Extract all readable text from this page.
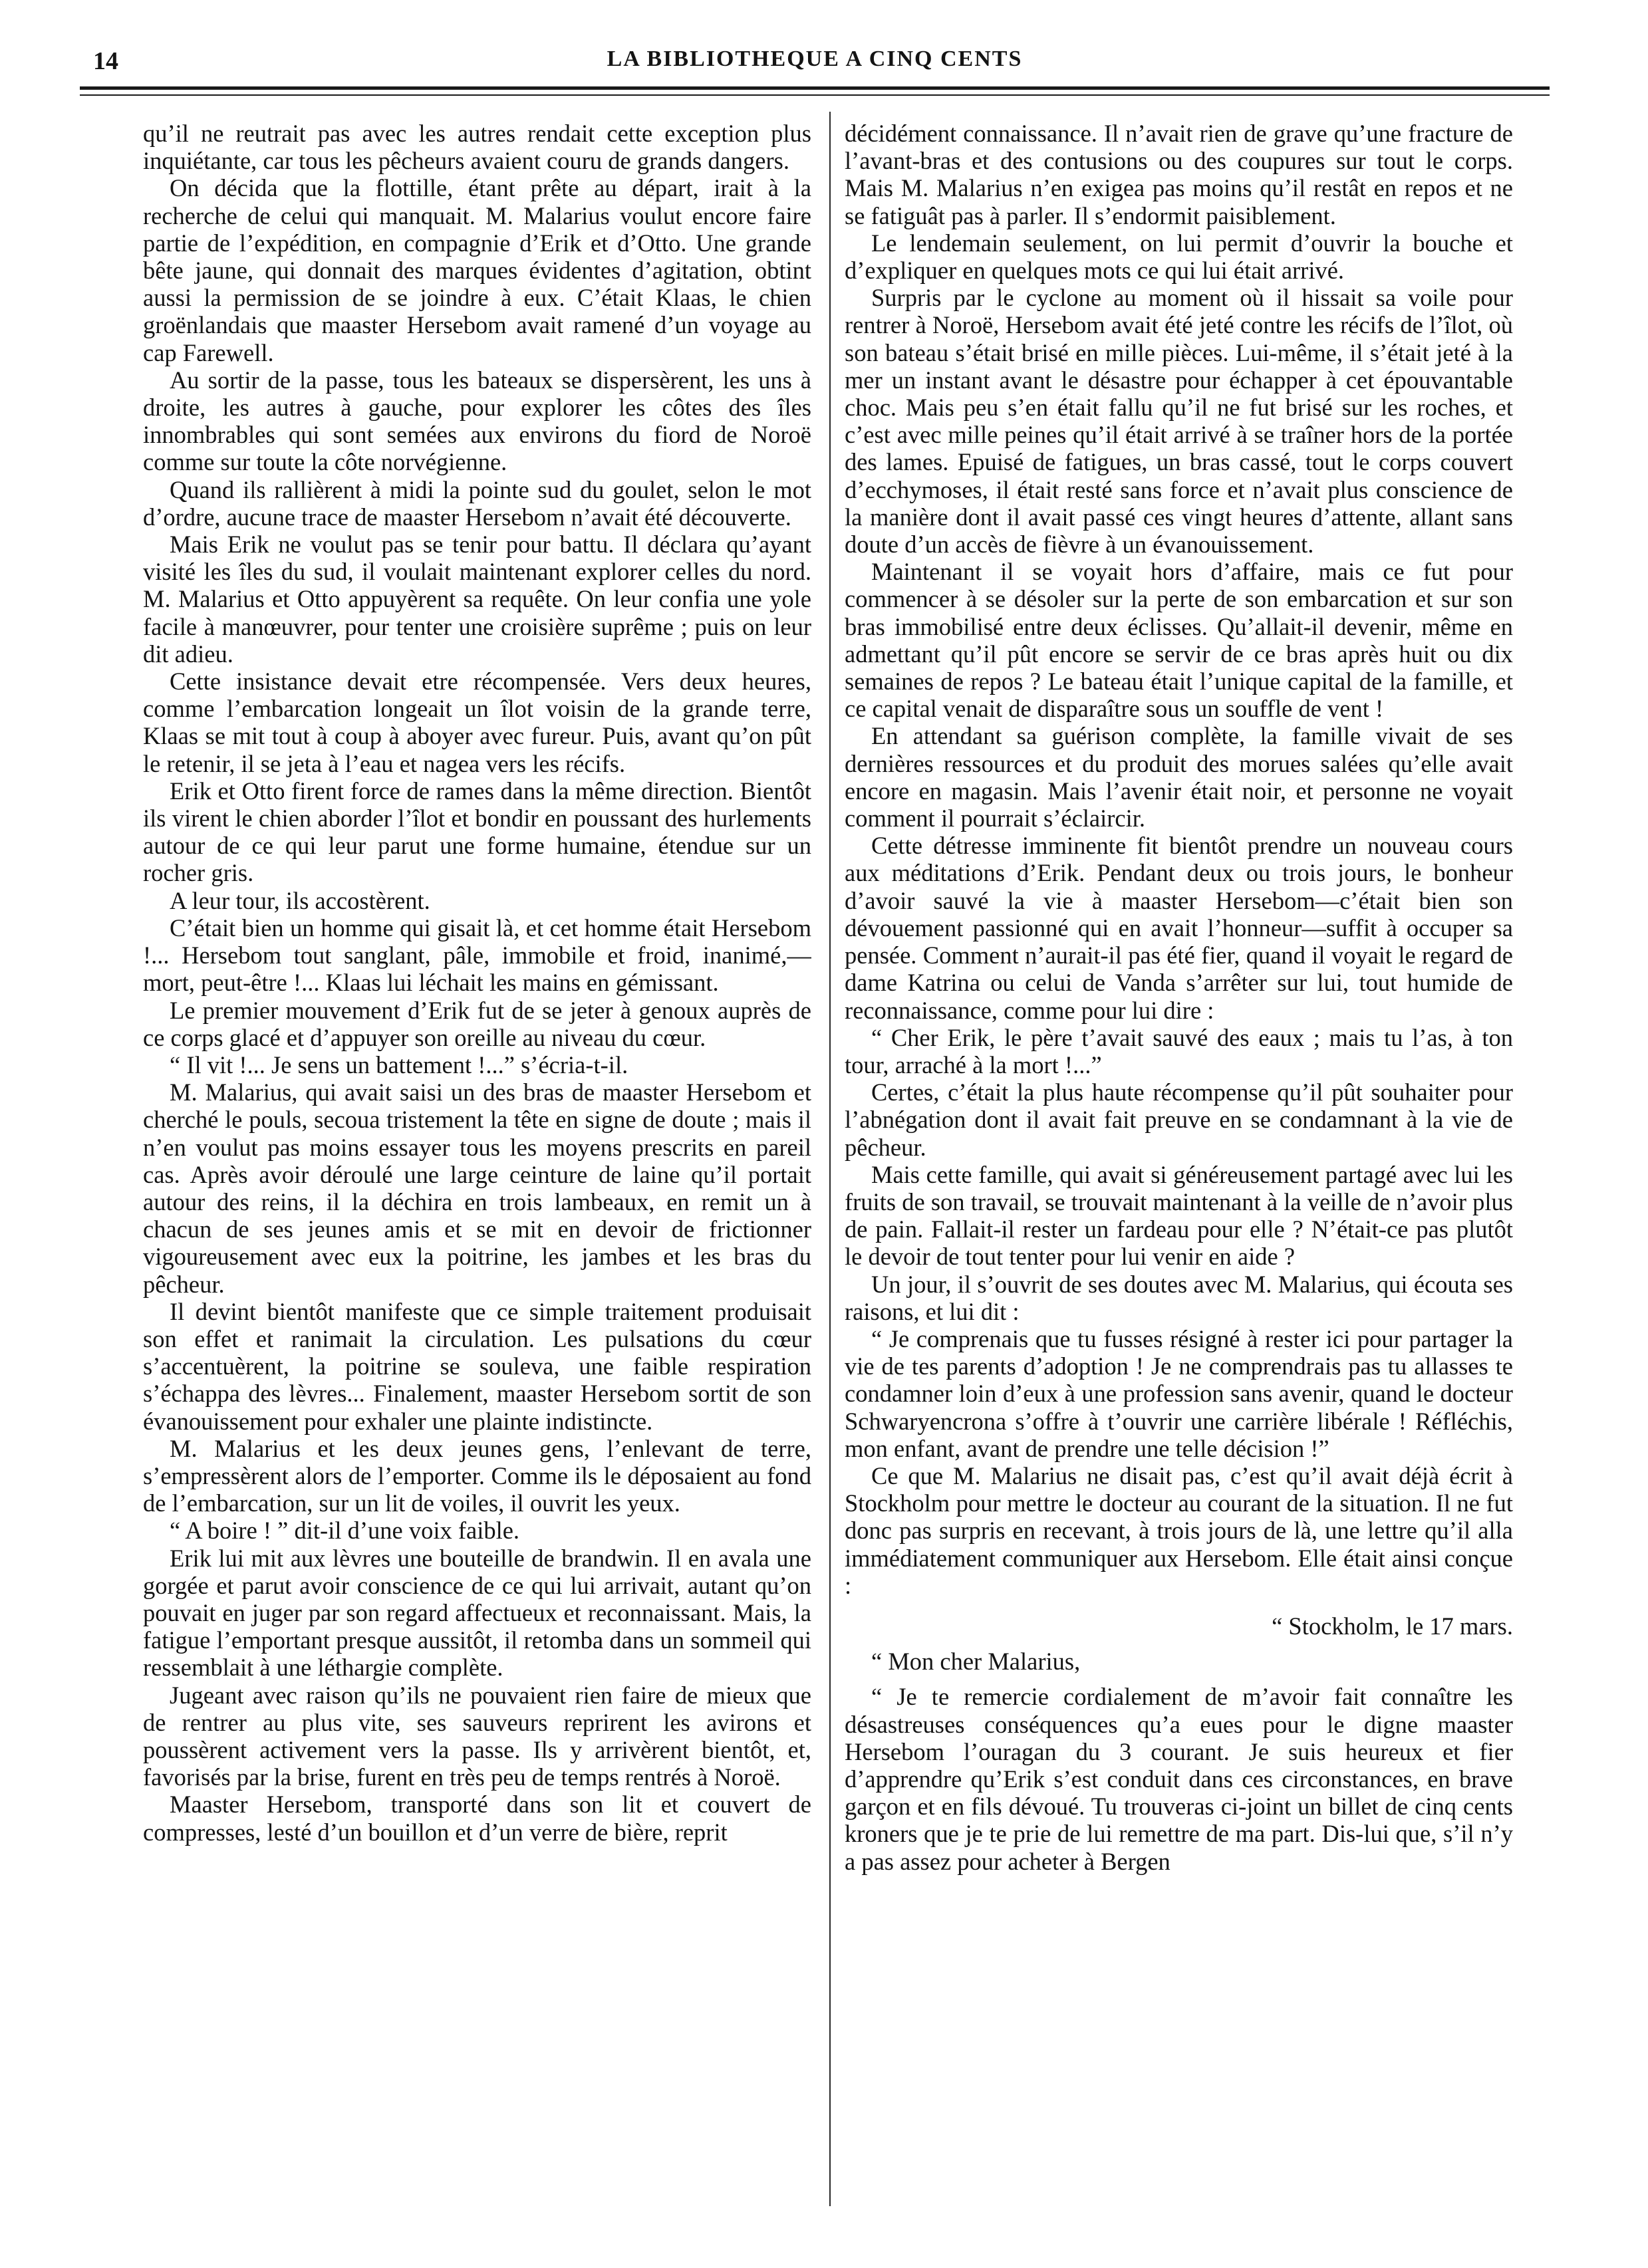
14	LA BIBLIOTHEQUE A CINQ CENTS

qu’il ne reutrait pas avec les autres rendait cette exception plus inquiétante, car tous les pêcheurs avaient couru de grands dangers.

On décida que la flottille, étant prête au départ, irait à la recherche de celui qui manquait. M. Malarius voulut encore faire partie de l’expédition, en compagnie d’Erik et d’Otto. Une grande bête jaune, qui donnait des marques évidentes d’agitation, obtint aussi la permission de se joindre à eux. C’était Klaas, le chien groënlandais que maaster Hersebom avait ramené d’un voyage au cap Farewell.

Au sortir de la passe, tous les bateaux se dispersèrent, les uns à droite, les autres à gauche, pour explorer les côtes des îles innombrables qui sont semées aux environs du fiord de Noroë comme sur toute la côte norvégienne.

Quand ils rallièrent à midi la pointe sud du goulet, selon le mot d’ordre, aucune trace de maaster Hersebom n’avait été découverte.

Mais Erik ne voulut pas se tenir pour battu. Il déclara qu’ayant visité les îles du sud, il voulait maintenant explorer celles du nord. M. Malarius et Otto appuyèrent sa requête. On leur confia une yole facile à manœuvrer, pour tenter une croisière suprême ; puis on leur dit adieu.

Cette insistance devait etre récompensée. Vers deux heures, comme l’embarcation longeait un îlot voisin de la grande terre, Klaas se mit tout à coup à aboyer avec fureur. Puis, avant qu’on pût le retenir, il se jeta à l’eau et nagea vers les récifs.

Erik et Otto firent force de rames dans la même direction. Bientôt ils virent le chien aborder l’îlot et bondir en poussant des hurlements autour de ce qui leur parut une forme humaine, étendue sur un rocher gris.

A leur tour, ils accostèrent.

C’était bien un homme qui gisait là, et cet homme était Hersebom !... Hersebom tout sanglant, pâle, immobile et froid, inanimé,—mort, peut-être !... Klaas lui léchait les mains en gémissant.

Le premier mouvement d’Erik fut de se jeter à genoux auprès de ce corps glacé et d’appuyer son oreille au niveau du cœur.

“ Il vit !... Je sens un battement !...” s’écria-t-il.

M. Malarius, qui avait saisi un des bras de maaster Hersebom et cherché le pouls, secoua tristement la tête en signe de doute ; mais il n’en voulut pas moins essayer tous les moyens prescrits en pareil cas. Après avoir déroulé une large ceinture de laine qu’il portait autour des reins, il la déchira en trois lambeaux, en remit un à chacun de ses jeunes amis et se mit en devoir de frictionner vigoureusement avec eux la poitrine, les jambes et les bras du pêcheur.

Il devint bientôt manifeste que ce simple traitement produisait son effet et ranimait la circulation. Les pulsations du cœur s’accentuèrent, la poitrine se souleva, une faible respiration s’échappa des lèvres... Finalement, maaster Hersebom sortit de son évanouissement pour exhaler une plainte indistincte.

M. Malarius et les deux jeunes gens, l’enlevant de terre, s’empressèrent alors de l’emporter. Comme ils le déposaient au fond de l’embarcation, sur un lit de voiles, il ouvrit les yeux.

“ A boire ! ” dit-il d’une voix faible.

Erik lui mit aux lèvres une bouteille de brandwin. Il en avala une gorgée et parut avoir conscience de ce qui lui arrivait, autant qu’on pouvait en juger par son regard affectueux et reconnaissant. Mais, la fatigue l’emportant presque aussitôt, il retomba dans un sommeil qui ressemblait à une léthargie complète.

Jugeant avec raison qu’ils ne pouvaient rien faire de mieux que de rentrer au plus vite, ses sauveurs reprirent les avirons et poussèrent activement vers la passe. Ils y arrivèrent bientôt, et, favorisés par la brise, furent en très peu de temps rentrés à Noroë.

Maaster Hersebom, transporté dans son lit et couvert de compresses, lesté d’un bouillon et d’un verre de bière, reprit

décidément connaissance. Il n’avait rien de grave qu’une fracture de l’avant-bras et des contusions ou des coupures sur tout le corps. Mais M. Malarius n’en exigea pas moins qu’il restât en repos et ne se fatiguât pas à parler. Il s’endormit paisiblement.

Le lendemain seulement, on lui permit d’ouvrir la bouche et d’expliquer en quelques mots ce qui lui était arrivé.

Surpris par le cyclone au moment où il hissait sa voile pour rentrer à Noroë, Hersebom avait été jeté contre les récifs de l’îlot, où son bateau s’était brisé en mille pièces. Lui-même, il s’était jeté à la mer un instant avant le désastre pour échapper à cet épouvantable choc. Mais peu s’en était fallu qu’il ne fut brisé sur les roches, et c’est avec mille peines qu’il était arrivé à se traîner hors de la portée des lames. Epuisé de fatigues, un bras cassé, tout le corps couvert d’ecchymoses, il était resté sans force et n’avait plus conscience de la manière dont il avait passé ces vingt heures d’attente, allant sans doute d’un accès de fièvre à un évanouissement.

Maintenant il se voyait hors d’affaire, mais ce fut pour commencer à se désoler sur la perte de son embarcation et sur son bras immobilisé entre deux éclisses. Qu’allait-il devenir, même en admettant qu’il pût encore se servir de ce bras après huit ou dix semaines de repos ? Le bateau était l’unique capital de la famille, et ce capital venait de disparaître sous un souffle de vent !

En attendant sa guérison complète, la famille vivait de ses dernières ressources et du produit des morues salées qu’elle avait encore en magasin. Mais l’avenir était noir, et personne ne voyait comment il pourrait s’éclaircir.

Cette détresse imminente fit bientôt prendre un nouveau cours aux méditations d’Erik. Pendant deux ou trois jours, le bonheur d’avoir sauvé la vie à maaster Hersebom—c’était bien son dévouement passionné qui en avait l’honneur—suffit à occuper sa pensée. Comment n’aurait-il pas été fier, quand il voyait le regard de dame Katrina ou celui de Vanda s’arrêter sur lui, tout humide de reconnaissance, comme pour lui dire :

“ Cher Erik, le père t’avait sauvé des eaux ; mais tu l’as, à ton tour, arraché à la mort !...”

Certes, c’était la plus haute récompense qu’il pût souhaiter pour l’abnégation dont il avait fait preuve en se condamnant à la vie de pêcheur.

Mais cette famille, qui avait si généreusement partagé avec lui les fruits de son travail, se trouvait maintenant à la veille de n’avoir plus de pain. Fallait-il rester un fardeau pour elle ? N’était-ce pas plutôt le devoir de tout tenter pour lui venir en aide ?

Un jour, il s’ouvrit de ses doutes avec M. Malarius, qui écouta ses raisons, et lui dit :

“ Je comprenais que tu fusses résigné à rester ici pour partager la vie de tes parents d’adoption ! Je ne comprendrais pas tu allasses te condamner loin d’eux à une profession sans avenir, quand le docteur Schwaryencrona s’offre à t’ouvrir une carrière libérale ! Réfléchis, mon enfant, avant de prendre une telle décision !”

Ce que M. Malarius ne disait pas, c’est qu’il avait déjà écrit à Stockholm pour mettre le docteur au courant de la situation. Il ne fut donc pas surpris en recevant, à trois jours de là, une lettre qu’il alla immédiatement communiquer aux Hersebom. Elle était ainsi conçue :

“ Stockholm, le 17 mars.

“ Mon cher Malarius,

“ Je te remercie cordialement de m’avoir fait connaître les désastreuses conséquences qu’a eues pour le digne maaster Hersebom l’ouragan du 3 courant. Je suis heureux et fier d’apprendre qu’Erik s’est conduit dans ces circonstances, en brave garçon et en fils dévoué. Tu trouveras ci-joint un billet de cinq cents kroners que je te prie de lui remettre de ma part. Dis-lui que, s’il n’y a pas assez pour acheter à Bergen
